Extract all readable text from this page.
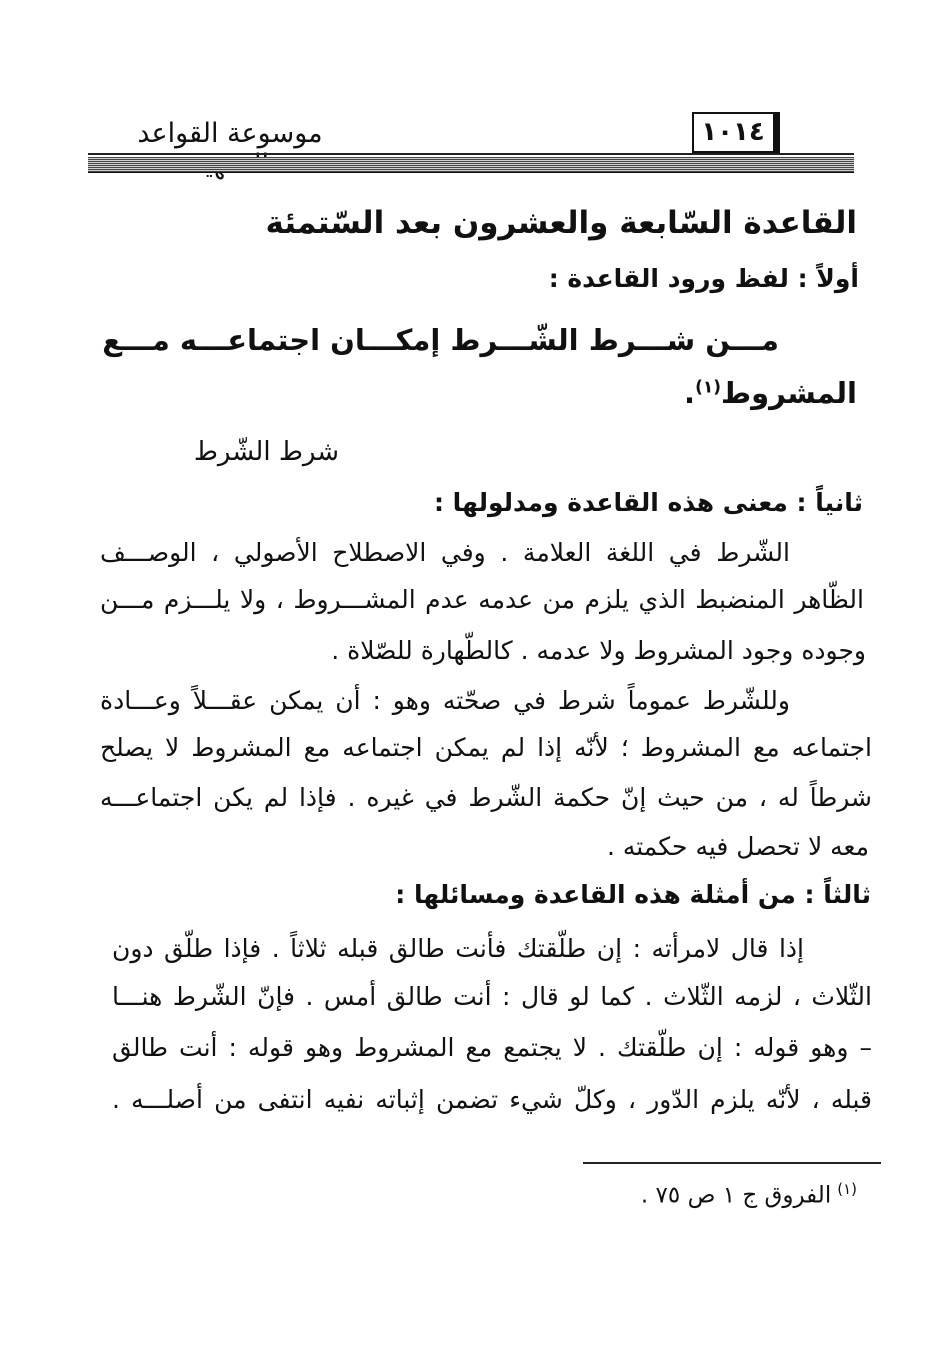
موسوعة القواعد	١٠١٤
القاعدة السّابعة والعشرون بعد السّتمئة
أولاً : لفظ ورود القاعدة :
مـــن شـــرط الشّـــرط إمكـــان اجتماعـــه مـــع
المشروط$^{(١)}$.
شرط الشّرط
ثانياً : معنى هذه القاعدة ومدلولها :
الشّرط في اللغة العلامة . وفي الاصطلاح الأصولي ، الوصـــف
الظّاهر المنضبط الذي يلزم من عدمه عدم المشـــروط ، ولا يلـــزم مـــن
وجوده وجود المشروط ولا عدمه . كالطّهارة للصّلاة .
وللشّرط عموماً شرط في صحّته وهو : أن يمكن عقـــلاً وعـــادة
اجتماعه مع المشروط ؛ لأنّه إذا لم يمكن اجتماعه مع المشروط لا يصلح
شرطاً له ، من حيث إنّ حكمة الشّرط في غيره . فإذا لم يكن اجتماعـــه
معه لا تحصل فيه حكمته .
ثالثاً : من أمثلة هذه القاعدة ومسائلها :
إذا قال لامرأته : إن طلّقتك فأنت طالق قبله ثلاثاً . فإذا طلّق دون
الثّلاث ، لزمه الثّلاث . كما لو قال : أنت طالق أمس . فإنّ الشّرط هنـــا
– وهو قوله : إن طلّقتك . لا يجتمع مع المشروط وهو قوله : أنت طالق
قبله ، لأنّه يلزم الدّور ، وكلّ شيء تضمن إثباته نفيه انتفى من أصلـــه .
$^{(١)}$الفروق ج ١ ص ٧٥ .
